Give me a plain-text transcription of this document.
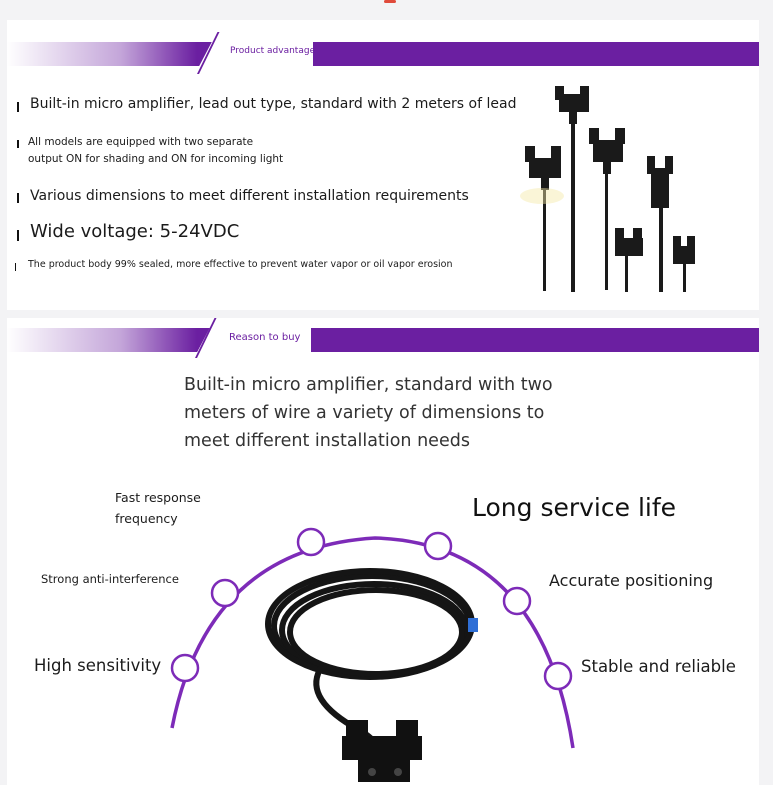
Product advantage
Built-in micro amplifier, lead out type, standard with 2 meters of lead
All models are equipped with two separate
output ON for shading and ON for incoming light
Various dimensions to meet different installation requirements
Wide voltage: 5-24VDC
The product body 99% sealed, more effective to prevent water vapor or oil vapor erosion
Reason to buy
Built-in micro amplifier, standard with two
meters of wire a variety of dimensions to
meet different installation needs
Fast response
frequency	Long service life
Strong anti-interference	Accurate positioning
High sensitivity	Stable and reliable
